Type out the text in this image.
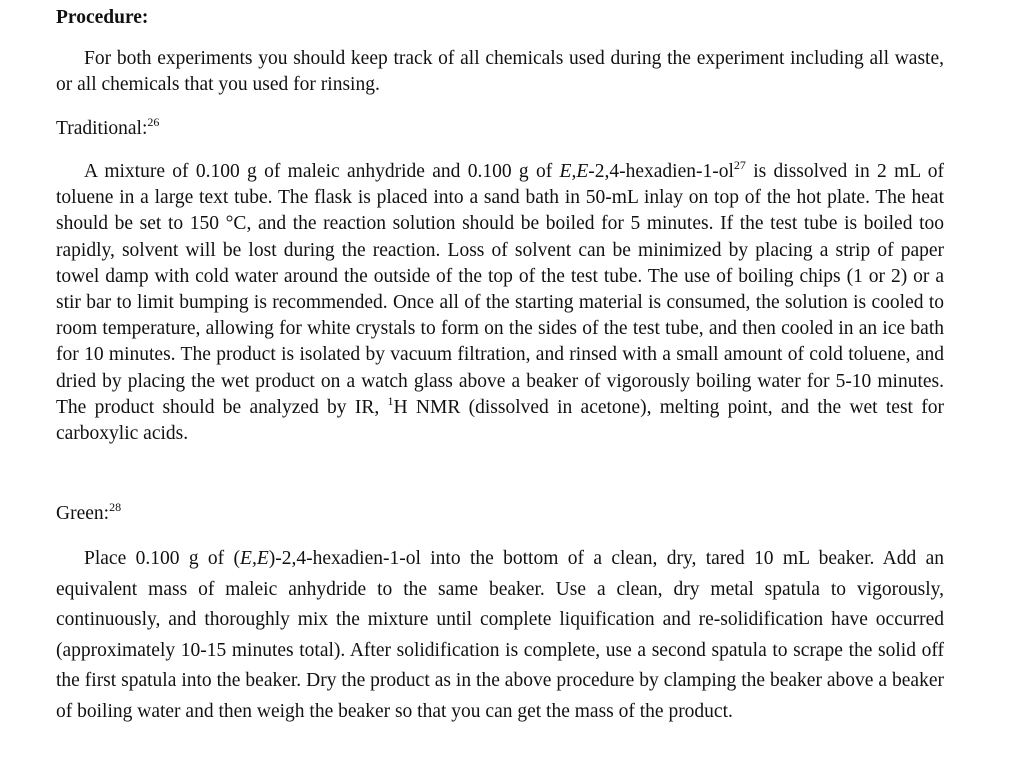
Procedure:

For both experiments you should keep track of all chemicals used during the experiment including all waste, or all chemicals that you used for rinsing.

Traditional:$^{26}$

A mixture of 0.100 g of maleic anhydride and 0.100 g of $E,E-2,4-hexadien-1-ol^{27}$ is dissolved in 2 mL of toluene in a large text tube. The flask is placed into a sand bath in 50-mL inlay on top of the hot plate. The heat should be set to 150 °C, and the reaction solution should be boiled for 5 minutes. If the test tube is boiled too rapidly, solvent will be lost during the reaction. Loss of solvent can be minimized by placing a strip of paper towel damp with cold water around the outside of the top of the test tube. The use of boiling chips (1 or 2) or a stir bar to limit bumping is recommended. Once all of the starting material is consumed, the solution is cooled to room temperature, allowing for white crystals to form on the sides of the test tube, and then cooled in an ice bath for 10 minutes. The product is isolated by vacuum filtration, and rinsed with a small amount of cold toluene, and dried by placing the wet product on a watch glass above a beaker of vigorously boiling water for 5-10 minutes. The product should be analyzed by IR, $^1$H NMR (dissolved in acetone), melting point, and the wet test for carboxylic acids.

Green:$^{28}$

Place 0.100 g of (E,E)-2,4-hexadien-1-ol into the bottom of a clean, dry, tared 10 mL beaker. Add an equivalent mass of maleic anhydride to the same beaker. Use a clean, dry metal spatula to vigorously, continuously, and thoroughly mix the mixture until complete liquification and re-solidification have occurred (approximately 10-15 minutes total). After solidification is complete, use a second spatula to scrape the solid off the first spatula into the beaker. Dry the product as in the above procedure by clamping the beaker above a beaker of boiling water and then weigh the beaker so that you can get the mass of the product.
